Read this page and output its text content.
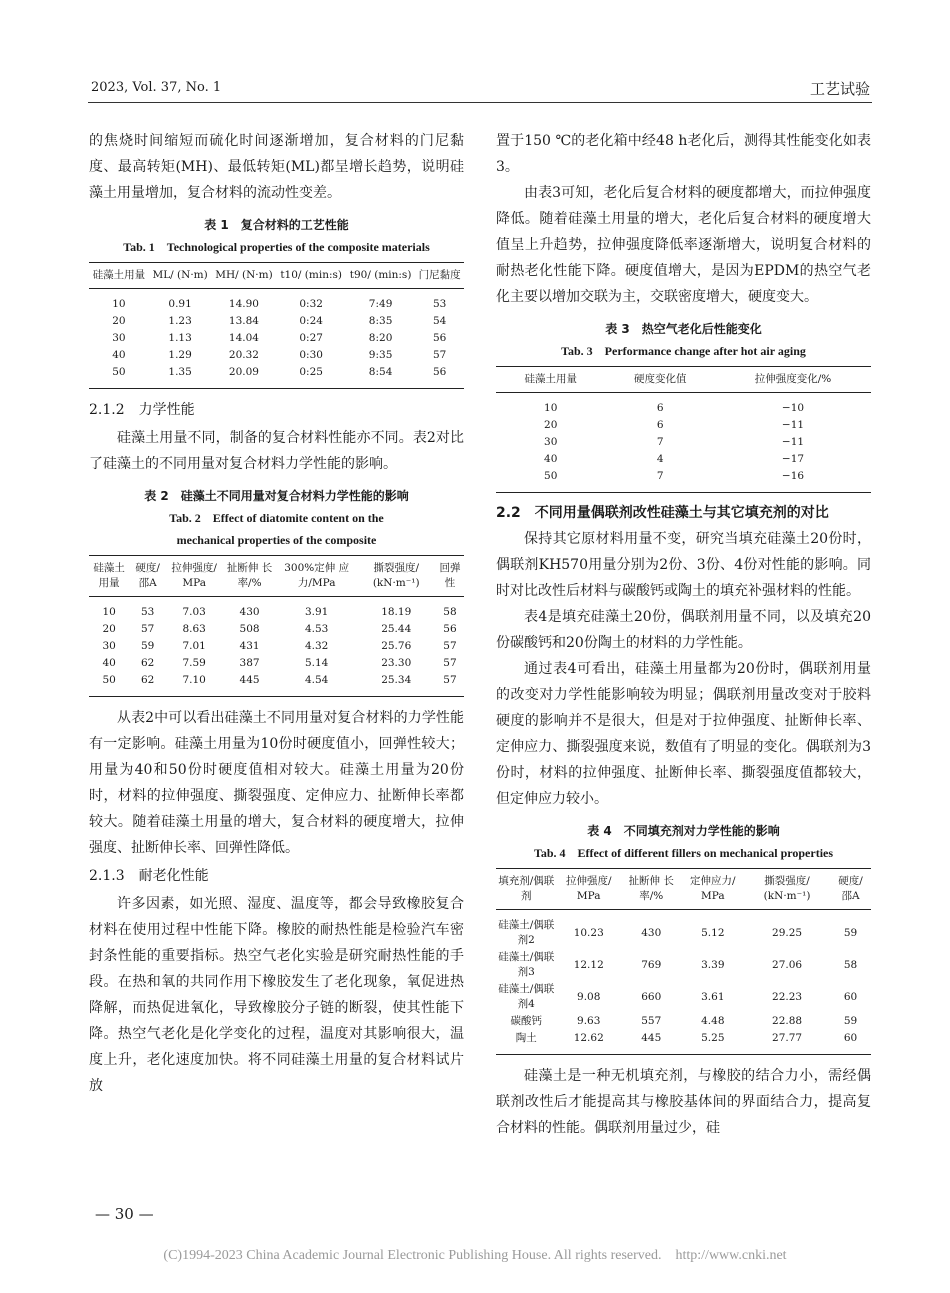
2023, Vol. 37, No. 1	工艺试验

的焦烧时间缩短而硫化时间逐渐增加，复合材料的门尼黏度、最高转矩(MH)、最低转矩(ML)都呈增长趋势，说明硅藻土用量增加，复合材料的流动性变差。

表 1　复合材料的工艺性能
Tab. 1　Technological properties of the composite materials
硅藻土用量	ML/ (N·m)	MH/ (N·m)	t10/ (min:s)	t90/ (min:s)	门尼黏度
10	0.91	14.90	0:32	7:49	53
20	1.23	13.84	0:24	8:35	54
30	1.13	14.04	0:27	8:20	56
40	1.29	20.32	0:30	9:35	57
50	1.35	20.09	0:25	8:54	56
2.1.2　力学性能

硅藻土用量不同，制备的复合材料性能亦不同。表2对比了硅藻土的不同用量对复合材料力学性能的影响。

表 2　硅藻土不同用量对复合材料力学性能的影响
Tab. 2　Effect of diatomite content on the
mechanical properties of the composite
硅藻土用量	硬度/ 邵A	拉伸强度/ MPa	扯断伸 长率/%	300%定伸 应力/MPa	撕裂强度/ (kN·m⁻¹)	回弹性
10	53	7.03	430	3.91	18.19	58
20	57	8.63	508	4.53	25.44	56
30	59	7.01	431	4.32	25.76	57
40	62	7.59	387	5.14	23.30	57
50	62	7.10	445	4.54	25.34	57

从表2中可以看出硅藻土不同用量对复合材料的力学性能有一定影响。硅藻土用量为10份时硬度值小，回弹性较大；用量为40和50份时硬度值相对较大。硅藻土用量为20份时，材料的拉伸强度、撕裂强度、定伸应力、扯断伸长率都较大。随着硅藻土用量的增大，复合材料的硬度增大，拉伸强度、扯断伸长率、回弹性降低。

2.1.3　耐老化性能

许多因素，如光照、湿度、温度等，都会导致橡胶复合材料在使用过程中性能下降。橡胶的耐热性能是检验汽车密封条性能的重要指标。热空气老化实验是研究耐热性能的手段。在热和氧的共同作用下橡胶发生了老化现象，氧促进热降解，而热促进氧化，导致橡胶分子链的断裂，使其性能下降。热空气老化是化学变化的过程，温度对其影响很大，温度上升，老化速度加快。将不同硅藻土用量的复合材料试片放

置于150 ℃的老化箱中经48 h老化后，测得其性能变化如表3。

由表3可知，老化后复合材料的硬度都增大，而拉伸强度降低。随着硅藻土用量的增大，老化后复合材料的硬度增大值呈上升趋势，拉伸强度降低率逐渐增大，说明复合材料的耐热老化性能下降。硬度值增大，是因为EPDM的热空气老化主要以增加交联为主，交联密度增大，硬度变大。

表 3　热空气老化后性能变化
Tab. 3　Performance change after hot air aging
硅藻土用量	硬度变化值	拉伸强度变化/%
10	6	−10
20	6	−11
30	7	−11
40	4	−17
50	7	−16
2.2　不同用量偶联剂改性硅藻土与其它填充剂的对比

保持其它原材料用量不变，研究当填充硅藻土20份时，偶联剂KH570用量分别为2份、3份、4份对性能的影响。同时对比改性后材料与碳酸钙或陶土的填充补强材料的性能。

表4是填充硅藻土20份，偶联剂用量不同，以及填充20份碳酸钙和20份陶土的材料的力学性能。

通过表4可看出，硅藻土用量都为20份时，偶联剂用量的改变对力学性能影响较为明显；偶联剂用量改变对于胶料硬度的影响并不是很大，但是对于拉伸强度、扯断伸长率、定伸应力、撕裂强度来说，数值有了明显的变化。偶联剂为3份时，材料的拉伸强度、扯断伸长率、撕裂强度值都较大，但定伸应力较小。

表 4　不同填充剂对力学性能的影响
Tab. 4　Effect of different fillers on mechanical properties
填充剂/偶联剂	拉伸强度/ MPa	扯断伸 长率/%	定伸应力/ MPa	撕裂强度/ (kN·m⁻¹)	硬度/ 邵A
硅藻土/偶联剂2	10.23	430	5.12	29.25	59
硅藻土/偶联剂3	12.12	769	3.39	27.06	58
硅藻土/偶联剂4	9.08	660	3.61	22.23	60
碳酸钙	9.63	557	4.48	22.88	59
陶土	12.62	445	5.25	27.77	60

硅藻土是一种无机填充剂，与橡胶的结合力小，需经偶联剂改性后才能提高其与橡胶基体间的界面结合力，提高复合材料的性能。偶联剂用量过少，硅

— 30 —
(C)1994-2023 China Academic Journal Electronic Publishing House. All rights reserved.　http://www.cnki.net
